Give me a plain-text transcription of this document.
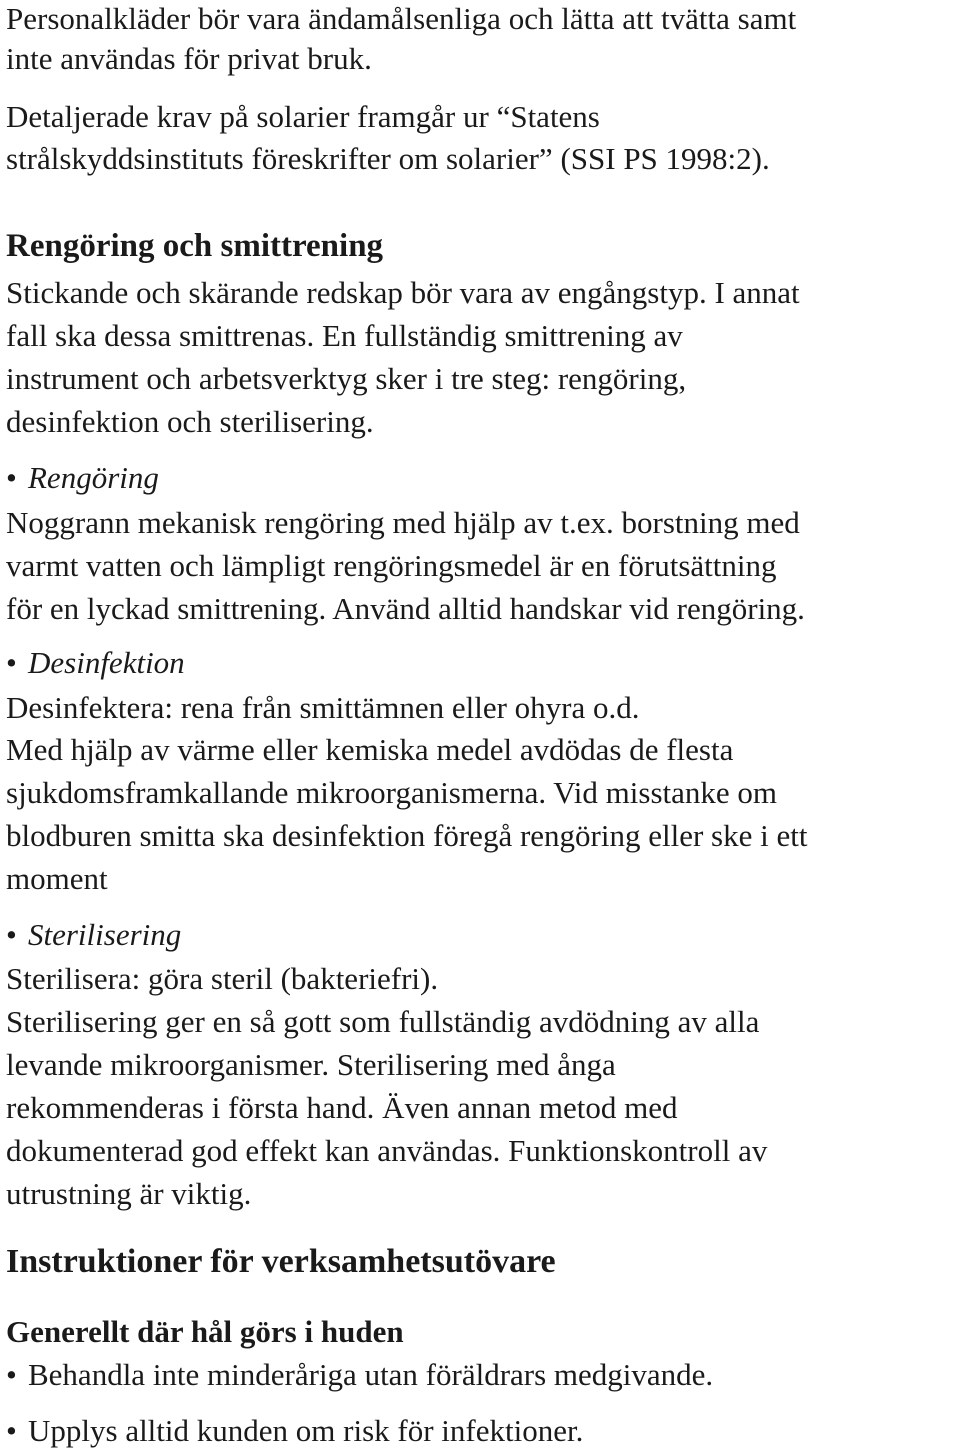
Personalkläder bör vara ändamålsenliga och lätta att tvätta samt
inte användas för privat bruk.
Detaljerade krav på solarier framgår ur “Statens
strålskyddsinstituts föreskrifter om solarier” (SSI PS 1998:2).
Rengöring och smittrening
Stickande och skärande redskap bör vara av engångstyp. I annat
fall ska dessa smittrenas. En fullständig smittrening av
instrument och arbetsverktyg sker i tre steg: rengöring,
desinfektion och sterilisering.
• Rengöring
Noggrann mekanisk rengöring med hjälp av t.ex. borstning med
varmt vatten och lämpligt rengöringsmedel är en förutsättning
för en lyckad smittrening. Använd alltid handskar vid rengöring.
• Desinfektion
Desinfektera: rena från smittämnen eller ohyra o.d.
Med hjälp av värme eller kemiska medel avdödas de flesta
sjukdomsframkallande mikroorganismerna. Vid misstanke om
blodburen smitta ska desinfektion föregå rengöring eller ske i ett
moment
• Sterilisering
Sterilisera: göra steril (bakteriefri).
Sterilisering ger en så gott som fullständig avdödning av alla
levande mikroorganismer. Sterilisering med ånga
rekommenderas i första hand. Även annan metod med
dokumenterad god effekt kan användas. Funktionskontroll av
utrustning är viktig.
Instruktioner för verksamhetsutövare
Generellt där hål görs i huden
• Behandla inte minderåriga utan föräldrars medgivande.
• Upplys alltid kunden om risk för infektioner.
